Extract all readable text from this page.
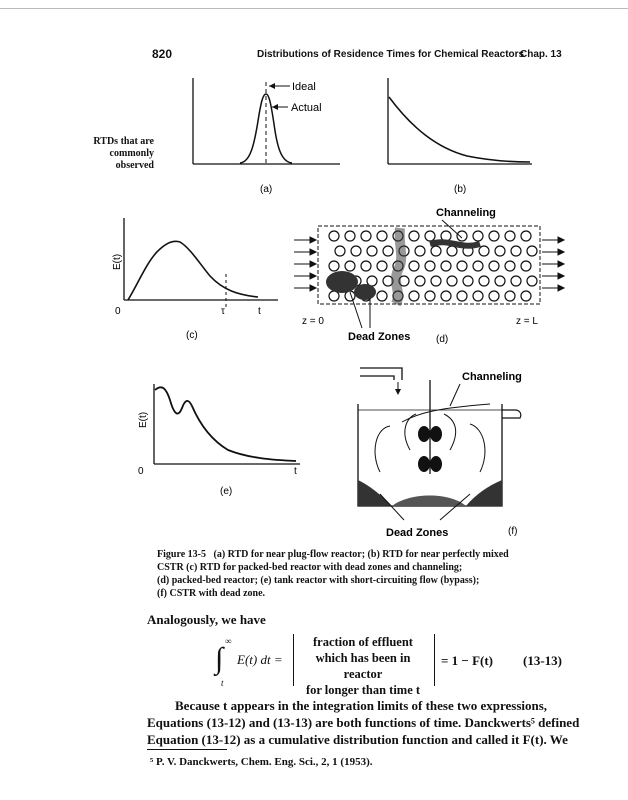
820	Distributions of Residence Times for Chemical Reactors
Chap. 13
RTDs that are
commonly
observed
Ideal
Actual
(a)	(b)
E(t)
0	τ	t
(c)
Channeling
z = 0	z = L
Dead Zones	(d)
E(t)
0	t
(e)
Channeling
Dead Zones	(f)
Figure 13-5 (a) RTD for near plug-flow reactor; (b) RTD for near perfectly mixed
CSTR (c) RTD for packed-bed reactor with dead zones and channeling;
(d) packed-bed reactor; (e) tank reactor with short-circuiting flow (bypass);
(f) CSTR with dead zone.
Analogously, we have
∫
∞
t
E(t) dt =
fraction of effluent
which has been in reactor
for longer than time t
= 1 − F(t) (13-13)
Because t appears in the integration limits of these two expressions,
Equations (13-12) and (13-13) are both functions of time. Danckwerts⁵ defined
Equation (13-12) as a cumulative distribution function and called it F(t). We
⁵ P. V. Danckwerts, Chem. Eng. Sci., 2, 1 (1953).
